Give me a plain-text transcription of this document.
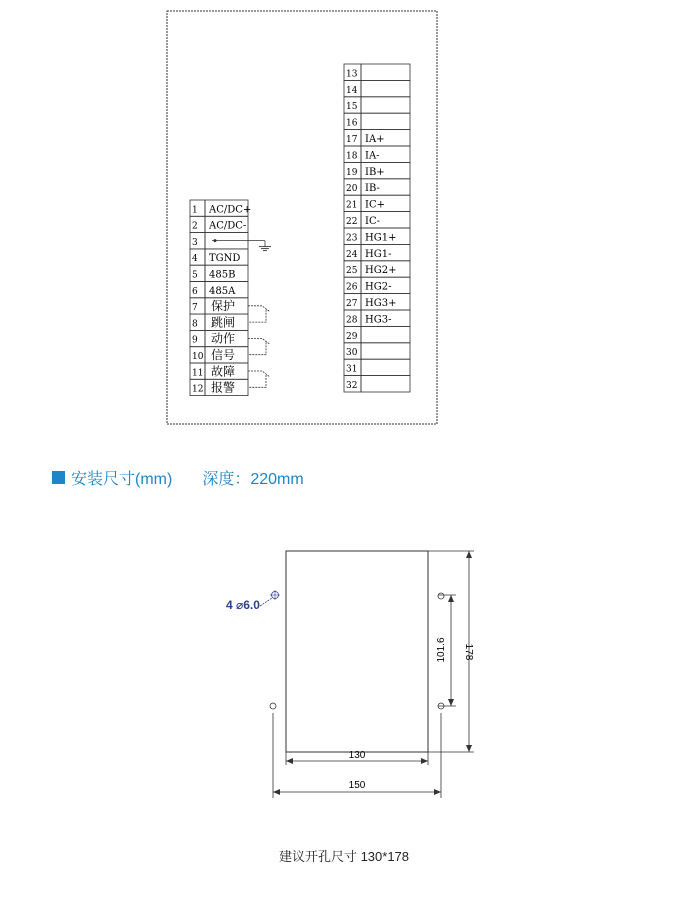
1 AC/DC+
2 AC/DC-
3
4 TGND
5 485B
6 485A
7 保护
8 跳闸
9 动作
10 信号
11 故障
12 报警
13
14
15
16
17 IA+
18 IA-
19 IB+
20 IB-
21 IC+
22 IC-
23 HG1+
24 HG1-
25 HG2+
26 HG2-
27 HG3+
28 HG3-
29
30
31
32
安装尺寸(mm) 深度：220mm
178
101.6
130
150
4 ⌀6.0
建议开孔尺寸 130*178
